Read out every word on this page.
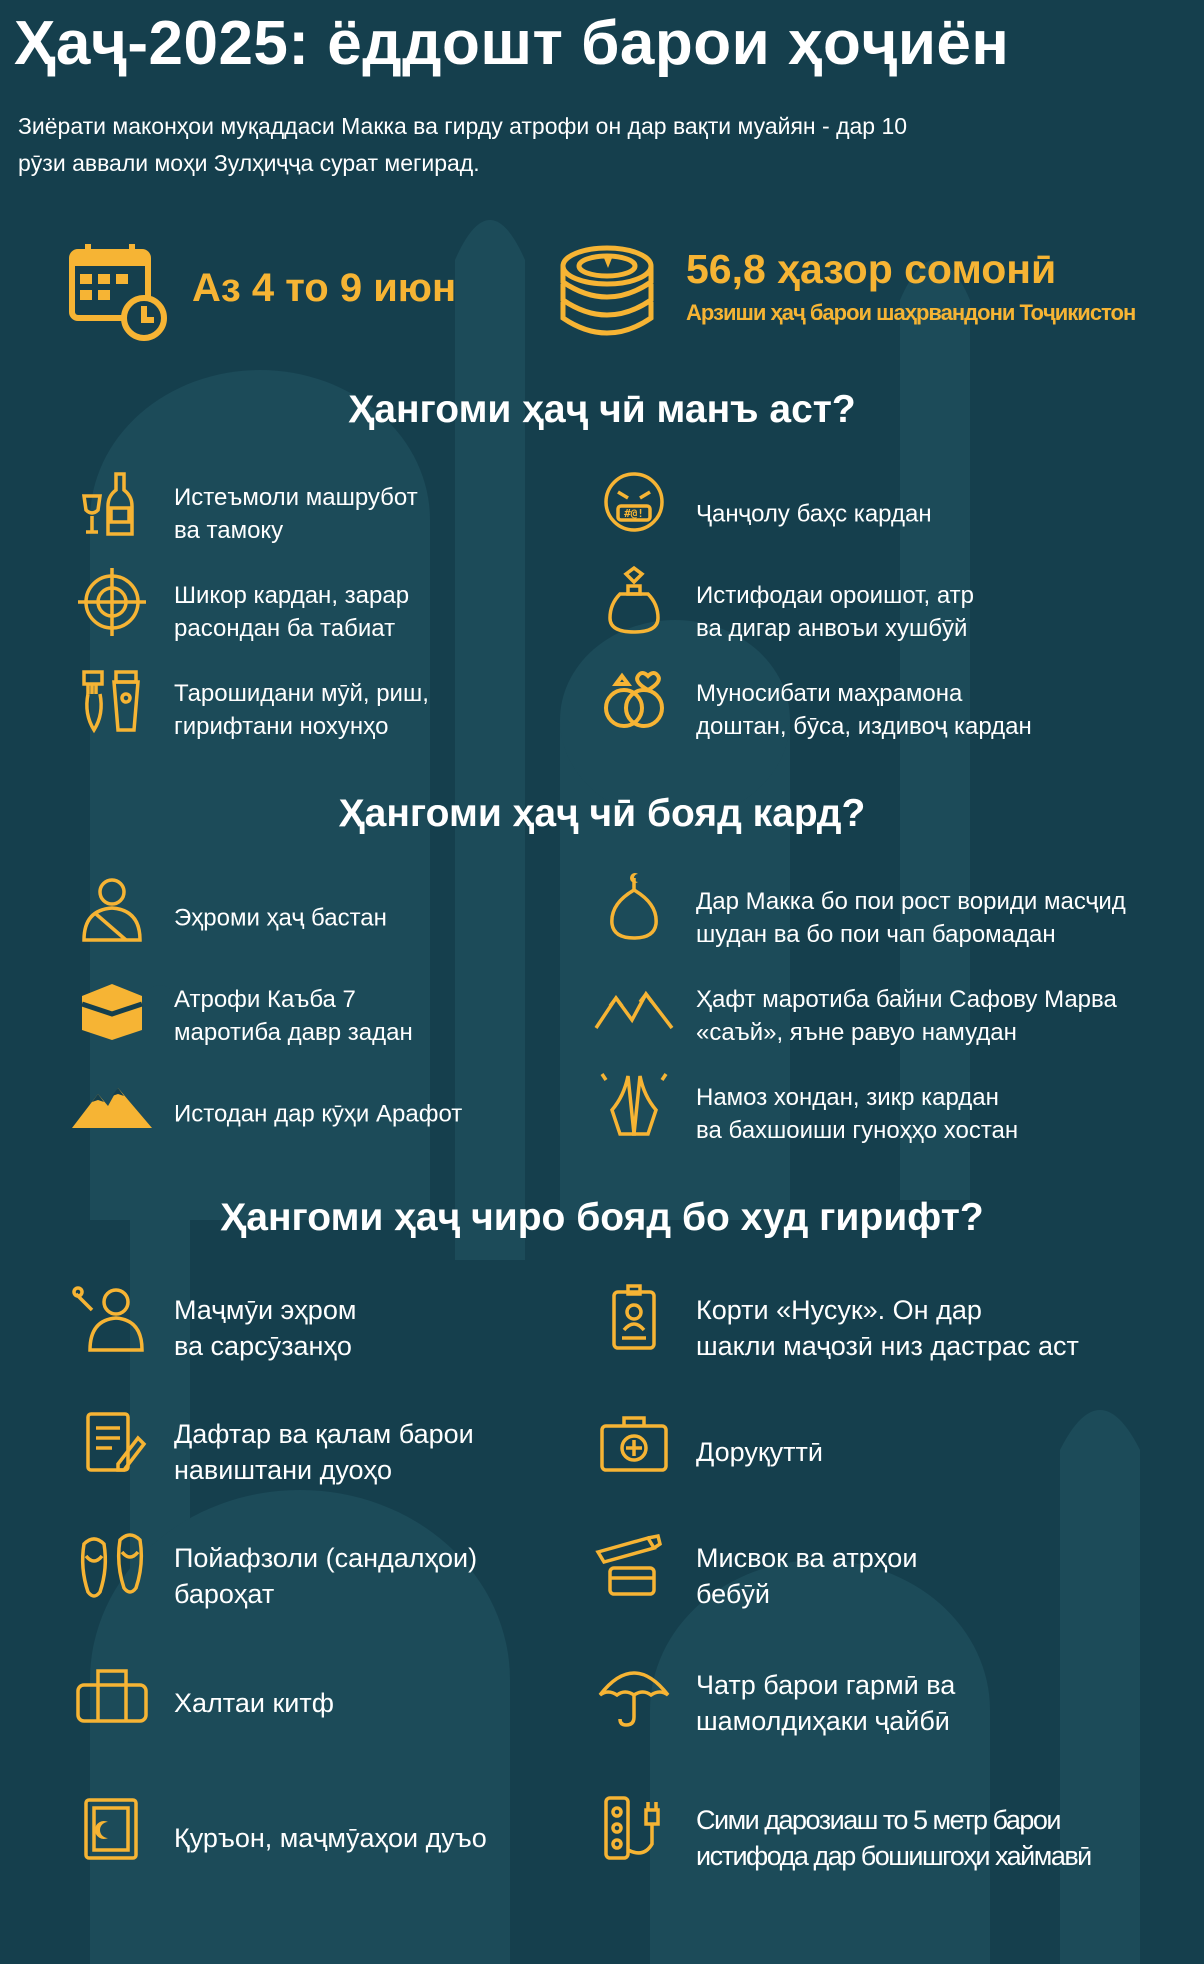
Ҳаҷ-2025: ёддошт барои ҳоҷиён

Зиёрати маконҳои муқаддаси Макка ва гирду атрофи он дар вақти муайян - дар 10 рӯзи аввали моҳи Зулҳиҷҷа сурат мегирад.

Аз 4 то 9 июн	56,8 ҳазор сомонӣ
Арзиши ҳаҷ барои шаҳрвандони Тоҷикистон
Ҳангоми ҳаҷ чӣ манъ аст?
Истеъмоли машрубот
ва тамоку
#@! Ҷанҷолу баҳс кардан
Шикор кардан, зарар
расондан ба табиат
Истифодаи ороишот, атр
ва дигар анвоъи хушбӯй
Тарошидани мӯй, риш,
гирифтани нохунҳо
Муносибати маҳрамона
доштан, бӯса, издивоҷ кардан
Ҳангоми ҳаҷ чӣ бояд кард?
Эҳроми ҳаҷ бастан
Дар Макка бо пои рост вориди масҷид
шудан ва бо пои чап баромадан
Атрофи Каъба 7
маротиба давр задан
Ҳафт маротиба байни Сафову Марва
«саъй», яъне равуо намудан
Истодан дар кӯҳи Арафот
Намоз хондан, зикр кардан
ва бахшоиши гуноҳҳо хостан
Ҳангоми ҳаҷ чиро бояд бо худ гирифт?
Маҷмӯи эҳром
ва сарсӯзанҳо
Корти «Нусук». Он дар
шакли маҷозӣ низ дастрас аст
Дафтар ва қалам барои
навиштани дуоҳо
Доруқуттӣ
Пойафзоли (сандалҳои)
бароҳат
Мисвок ва атрҳои
бебӯй
Халтаи китф
Чатр барои гармӣ ва
шамолдиҳаки ҷайбӣ
Қуръон, маҷмӯаҳои дуъо
Сими дарозиаш то 5 метр барои
истифода дар бошишгоҳи хаймавӣ
